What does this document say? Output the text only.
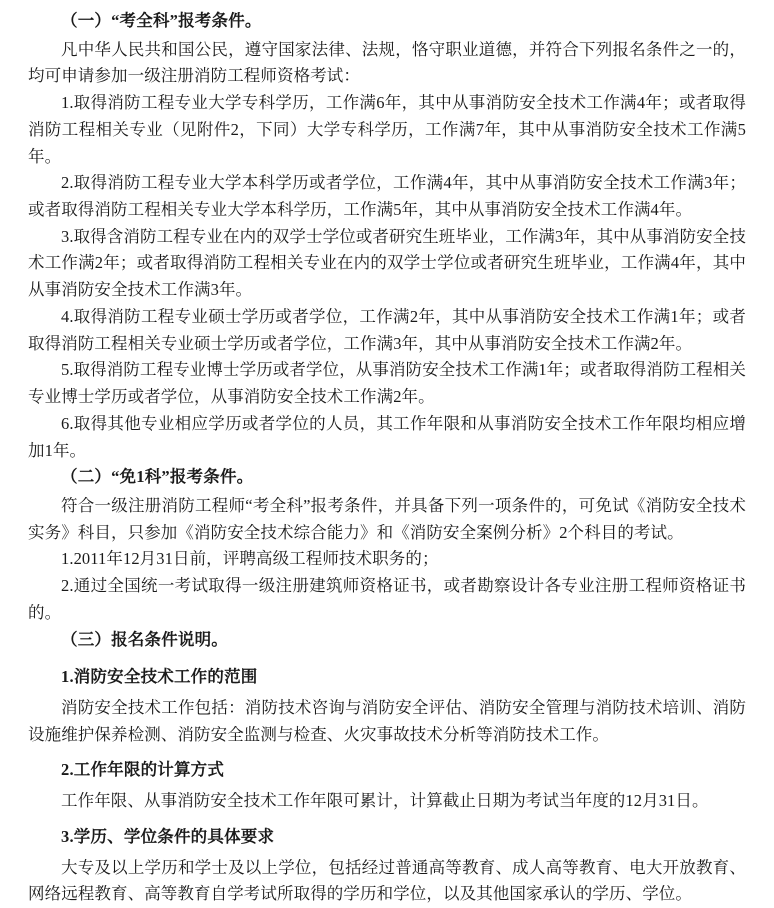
（一）“考全科”报考条件。

凡中华人民共和国公民，遵守国家法律、法规，恪守职业道德，并符合下列报名条件之一的，均可申请参加一级注册消防工程师资格考试：

1.取得消防工程专业大学专科学历，工作满6年，其中从事消防安全技术工作满4年；或者取得消防工程相关专业（见附件2，下同）大学专科学历，工作满7年，其中从事消防安全技术工作满5年。

2.取得消防工程专业大学本科学历或者学位，工作满4年，其中从事消防安全技术工作满3年；或者取得消防工程相关专业大学本科学历，工作满5年，其中从事消防安全技术工作满4年。

3.取得含消防工程专业在内的双学士学位或者研究生班毕业，工作满3年，其中从事消防安全技术工作满2年；或者取得消防工程相关专业在内的双学士学位或者研究生班毕业，工作满4年，其中从事消防安全技术工作满3年。

4.取得消防工程专业硕士学历或者学位，工作满2年，其中从事消防安全技术工作满1年；或者取得消防工程相关专业硕士学历或者学位，工作满3年，其中从事消防安全技术工作满2年。

5.取得消防工程专业博士学历或者学位，从事消防安全技术工作满1年；或者取得消防工程相关专业博士学历或者学位，从事消防安全技术工作满2年。

6.取得其他专业相应学历或者学位的人员，其工作年限和从事消防安全技术工作年限均相应增加1年。

（二）“免1科”报考条件。

符合一级注册消防工程师“考全科”报考条件，并具备下列一项条件的，可免试《消防安全技术实务》科目，只参加《消防安全技术综合能力》和《消防安全案例分析》2个科目的考试。

1.2011年12月31日前，评聘高级工程师技术职务的；

2.通过全国统一考试取得一级注册建筑师资格证书，或者勘察设计各专业注册工程师资格证书的。

（三）报名条件说明。

1.消防安全技术工作的范围

消防安全技术工作包括：消防技术咨询与消防安全评估、消防安全管理与消防技术培训、消防设施维护保养检测、消防安全监测与检查、火灾事故技术分析等消防技术工作。

2.工作年限的计算方式

工作年限、从事消防安全技术工作年限可累计，计算截止日期为考试当年度的12月31日。

3.学历、学位条件的具体要求

大专及以上学历和学士及以上学位，包括经过普通高等教育、成人高等教育、电大开放教育、网络远程教育、高等教育自学考试所取得的学历和学位，以及其他国家承认的学历、学位。
